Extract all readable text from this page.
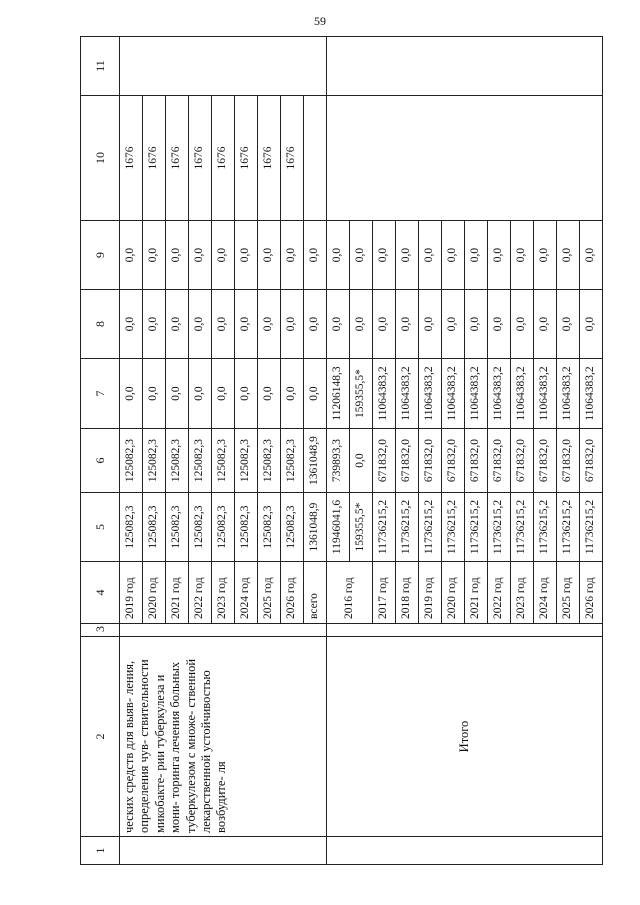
59
1	2	3	4	5	6	7	8	9	10	11
	ческих средств для выяв- ления, определения чув- ствительности микобакте- рии туберкулеза и мони- торинга лечения больных туберкулезом с множе- ственной лекарственной устойчивостью возбудите- ля		2019 год	125082,3	125082,3	0,0	0,0	0,0	1676	
			2020 год	125082,3	125082,3	0,0	0,0	0,0	1676	
			2021 год	125082,3	125082,3	0,0	0,0	0,0	1676	
			2022 год	125082,3	125082,3	0,0	0,0	0,0	1676	
			2023 год	125082,3	125082,3	0,0	0,0	0,0	1676	
			2024 год	125082,3	125082,3	0,0	0,0	0,0	1676	
			2025 год	125082,3	125082,3	0,0	0,0	0,0	1676	
			2026 год	125082,3	125082,3	0,0	0,0	0,0	1676	
			всего	1361048,9	1361048,9	0,0	0,0	0,0		
	Итого		2016 год	11946041,6	739893,3	11206148,3	0,0	0,0		
				159355,5*	0,0	159355,5*	0,0	0,0		
			2017 год	11736215,2	671832,0	11064383,2	0,0	0,0		
			2018 год	11736215,2	671832,0	11064383,2	0,0	0,0		
			2019 год	11736215,2	671832,0	11064383,2	0,0	0,0		
			2020 год	11736215,2	671832,0	11064383,2	0,0	0,0		
			2021 год	11736215,2	671832,0	11064383,2	0,0	0,0		
			2022 год	11736215,2	671832,0	11064383,2	0,0	0,0		
			2023 год	11736215,2	671832,0	11064383,2	0,0	0,0		
			2024 год	11736215,2	671832,0	11064383,2	0,0	0,0		
			2025 год	11736215,2	671832,0	11064383,2	0,0	0,0		
			2026 год	11736215,2	671832,0	11064383,2	0,0	0,0		
